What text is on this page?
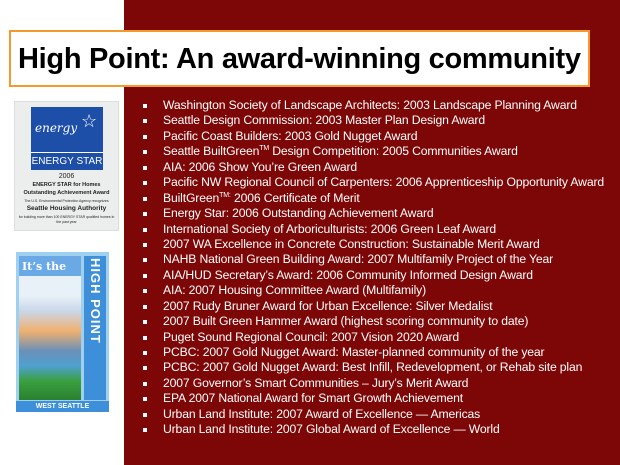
High Point: An award-winning community
energy ☆
ENERGY STAR
2006
ENERGY STAR for Homes
Outstanding Achievement Award
The U.S. Environmental Protection Agency recognizes
Seattle Housing Authority
for building more than 100 ENERGY STAR qualified homes in the past year
It’s the HIGH POINT
WEST SEATTLE
Washington Society of Landscape Architects: 2003 Landscape Planning Award
Seattle Design Commission: 2003 Master Plan Design Award
Pacific Coast Builders: 2003 Gold Nugget Award
Seattle BuiltGreen™ Design Competition: 2005 Communities Award
AIA: 2006 Show You’re Green Award
Pacific NW Regional Council of Carpenters: 2006 Apprenticeship Opportunity Award
BuiltGreen$^{TM:}$ 2006 Certificate of Merit
Energy Star: 2006 Outstanding Achievement Award
International Society of Arboriculturists: 2006 Green Leaf Award
2007 WA Excellence in Concrete Construction: Sustainable Merit Award
NAHB National Green Building Award: 2007 Multifamily Project of the Year
AIA/HUD Secretary’s Award: 2006 Community Informed Design Award
AIA: 2007 Housing Committee Award (Multifamily)
2007 Rudy Bruner Award for Urban Excellence: Silver Medalist
2007 Built Green Hammer Award (highest scoring community to date)
Puget Sound Regional Council: 2007 Vision 2020 Award
PCBC: 2007 Gold Nugget Award: Master-planned community of the year
PCBC: 2007 Gold Nugget Award: Best Infill, Redevelopment, or Rehab site plan
2007 Governor’s Smart Communities – Jury’s Merit Award
EPA 2007 National Award for Smart Growth Achievement
Urban Land Institute: 2007 Award of Excellence — Americas
Urban Land Institute: 2007 Global Award of Excellence — World
